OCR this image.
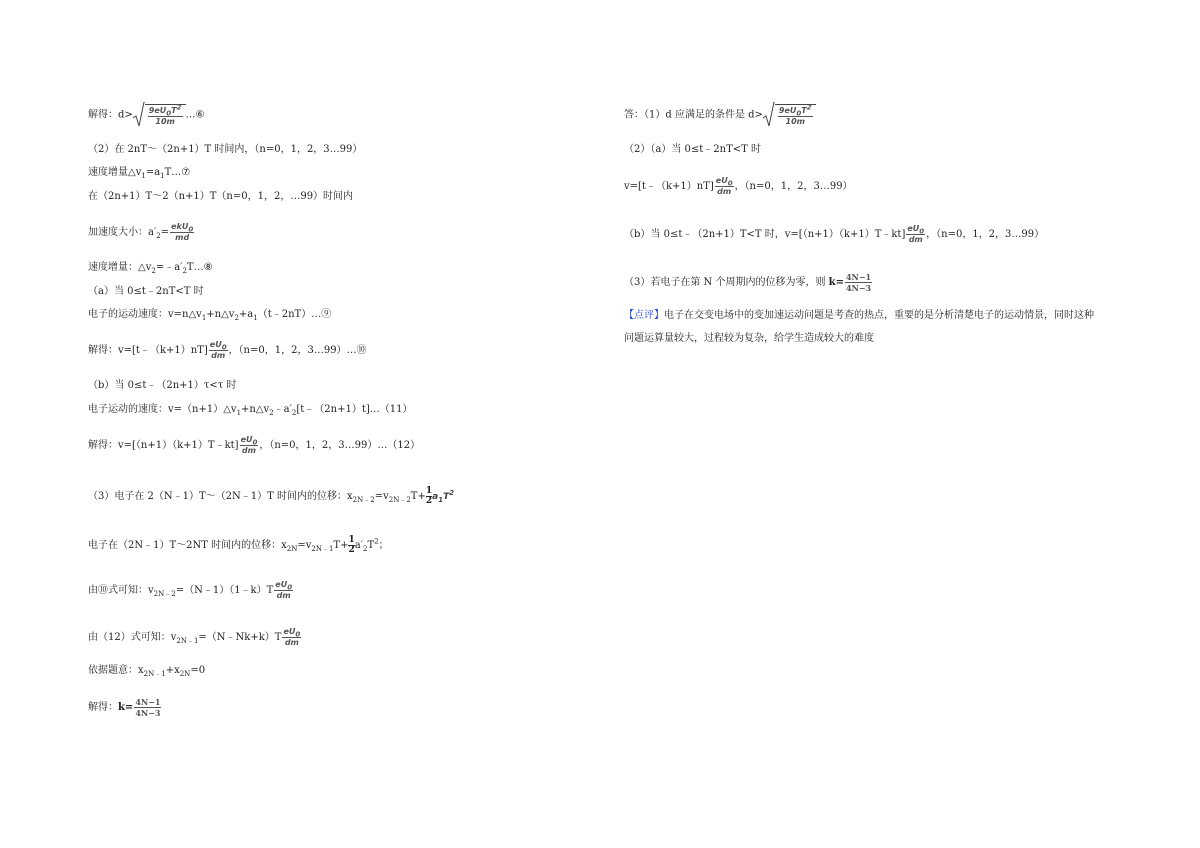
解得：$d> \frac{9eU_0T^2}{10m}$ …⑥
（2）在 2nT～（2n+1）T 时间内，（n=0，1，2，3…99）
速度增量$\triangle v_1=a_1T\dots ⑦$
在（2n+1）T～2（n+1）T（n=0，1，2，…99）时间内
加速度大小：$a'_2= \frac{ekU_0}{md}$
速度增量：$\triangle v_2=﹣a'_2T\dots ⑧$
（a）当 0≤t﹣2nT<T 时
电子的运动速度：$v=n\triangle v_1+n\triangle v_2+a_1(t﹣2nT)\dots ⑨$
解得：v=[t﹣（k+1）nT] $\frac{eU_0}{dm}$ ，（n=0，1，2，3…99）…⑩
（b）当 0≤t﹣（2n+1）τ<τ 时
电子运动的速度：$v=(n+1)\triangle v_1+n\triangle v_2﹣a'_2[t﹣(2n+1)t]\dots(11)$
解得：v=[（n+1）（k+1）T﹣kt] $\frac{eU_0}{dm}$ ，（n=0，1，2，3…99）…（12）
（3）电子在 2（N﹣1）T～（2N﹣1）T 时间内的位移：$x_{2N﹣2}=v_{2N﹣2}T+ \frac{1}{2} a_1T^2$
电子在（2N﹣1）T～2NT 时间内的位移：$x_{2N}=v_{2N﹣1}T+ \frac{1}{2} a'_2T^2$；
由⑩式可知：$v_{2N﹣2}=(N﹣1)(1﹣k)T \frac{eU_0}{dm}$
由（12）式可知：$v_{2N﹣1}=(N﹣Nk+k)T \frac{eU_0}{dm}$
依据题意：$x_{2N﹣1}+x_{2N}=0$
解得：$k= \frac{4N-1}{4N-3}$
答：（1）d 应满足的条件是 $d> \frac{9eU_0T^2}{10m}$
（2）（a）当 0≤t﹣2nT<T 时
v=[t﹣（k+1）nT] $\frac{eU_0}{dm}$ ，（n=0，1，2，3…99）
（b）当 0≤t﹣（2n+1）T<T 时，v=[（n+1）（k+1）T﹣kt] $\frac{eU_0}{dm}$ ，（n=0，1，2，3…99）
（3）若电子在第 N 个周期内的位移为零，则 $k= \frac{4N-1}{4N-3}$
【点评】电子在交变电场中的变加速运动问题是考查的热点，重要的是分析清楚电子的运动情景，同时这种
问题运算量较大，过程较为复杂，给学生造成较大的难度
